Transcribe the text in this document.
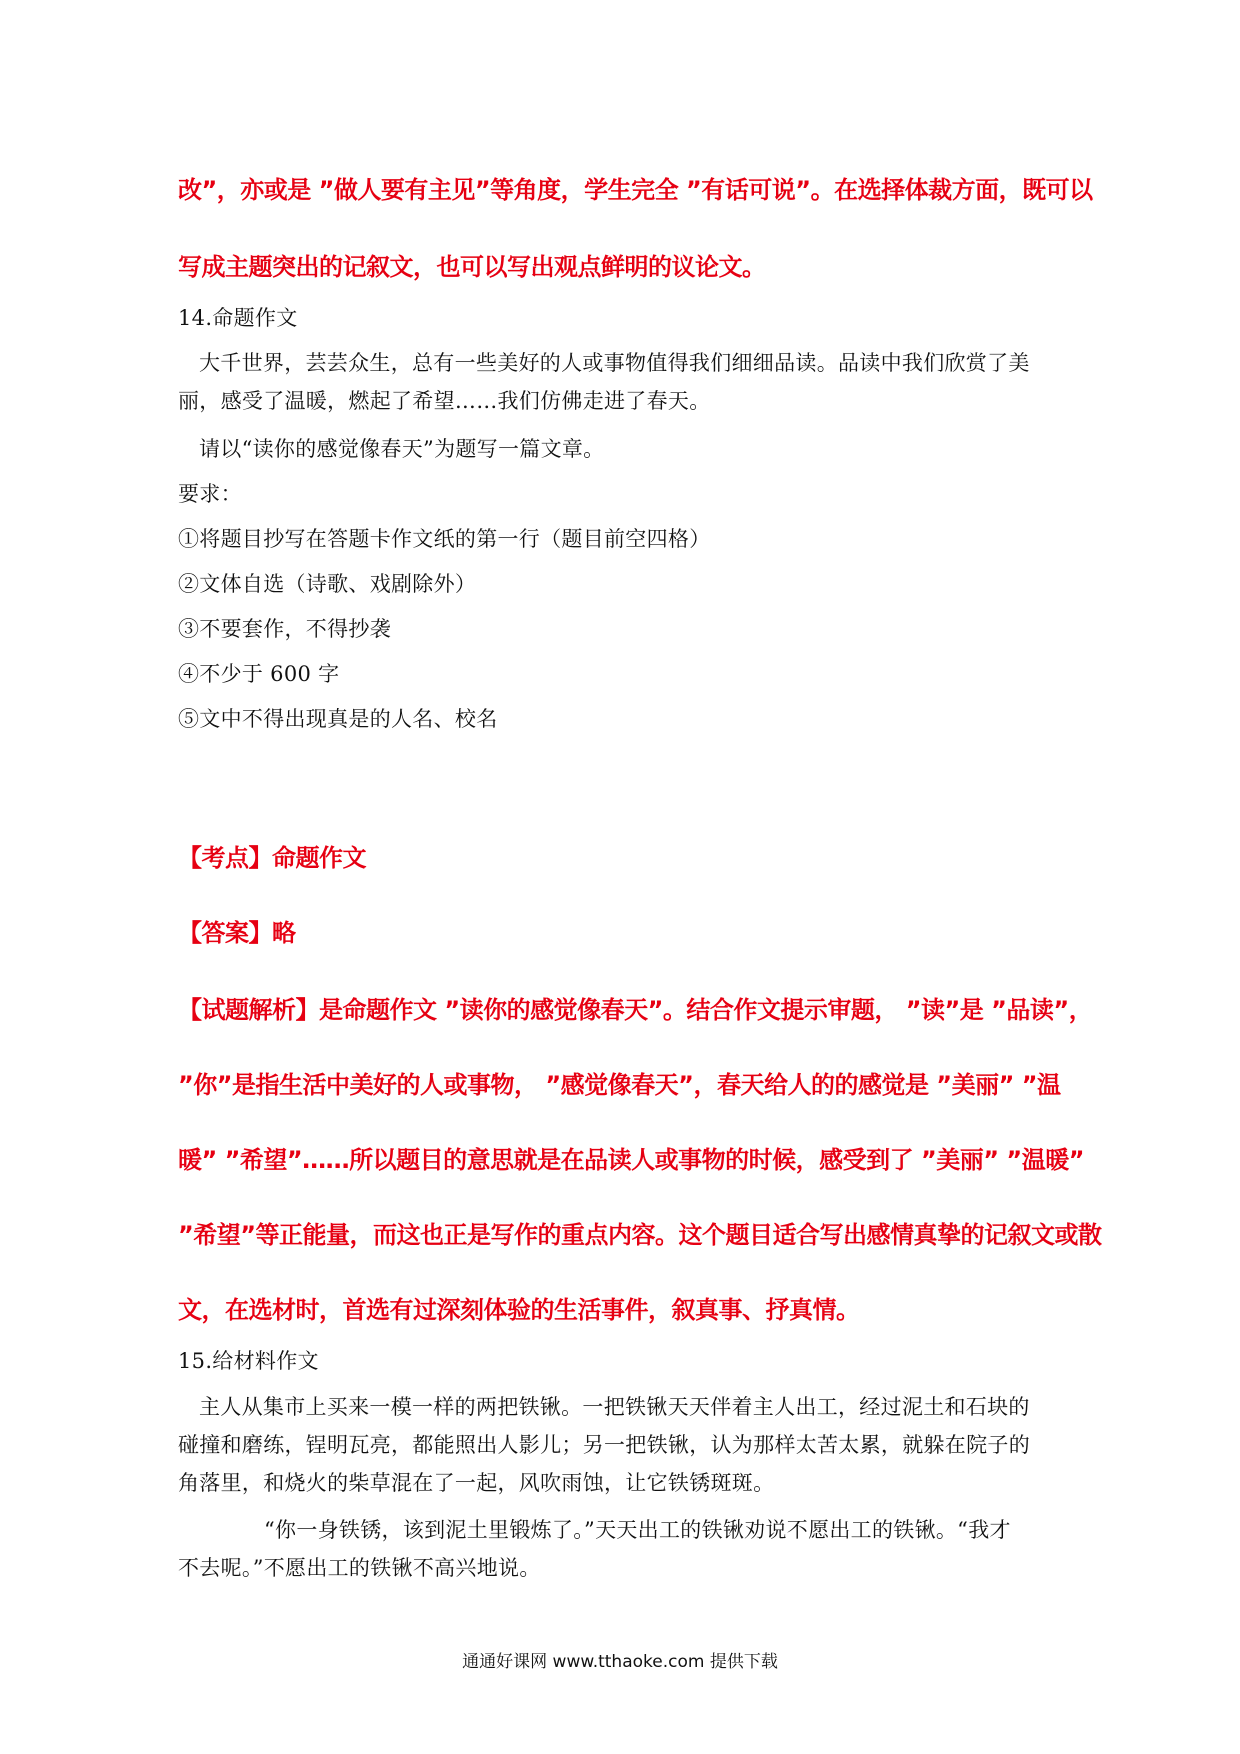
改”，亦或是 ”做人要有主见”等角度，学生完全 ”有话可说”。在选择体裁方面，既可以
写成主题突出的记叙文，也可以写出观点鲜明的议论文。
14.命题作文
大千世界，芸芸众生，总有一些美好的人或事物值得我们细细品读。品读中我们欣赏了美
丽，感受了温暖，燃起了希望……我们仿佛走进了春天。
请以“读你的感觉像春天”为题写一篇文章。
要求：
①将题目抄写在答题卡作文纸的第一行（题目前空四格）
②文体自选（诗歌、戏剧除外）
③不要套作，不得抄袭
④不少于 600 字
⑤文中不得出现真是的人名、校名
【考点】命题作文
【答案】略
【试题解析】是命题作文 ”读你的感觉像春天”。结合作文提示审题， ”读”是 ”品读”，
”你”是指生活中美好的人或事物， ”感觉像春天”，春天给人的的感觉是 ”美丽” ”温
暖” ”希望”……所以题目的意思就是在品读人或事物的时候，感受到了 ”美丽” ”温暖”
”希望”等正能量，而这也正是写作的重点内容。这个题目适合写出感情真挚的记叙文或散
文，在选材时，首选有过深刻体验的生活事件，叙真事、抒真情。
15.给材料作文
主人从集市上买来一模一样的两把铁锹。一把铁锹天天伴着主人出工，经过泥土和石块的
碰撞和磨练，锃明瓦亮，都能照出人影儿；另一把铁锹，认为那样太苦太累，就躲在院子的
角落里，和烧火的柴草混在了一起，风吹雨蚀，让它铁锈斑斑。
“你一身铁锈，该到泥土里锻炼了。”天天出工的铁锹劝说不愿出工的铁锹。“我才
不去呢。”不愿出工的铁锹不高兴地说。
通通好课网 www.tthaoke.com 提供下载
